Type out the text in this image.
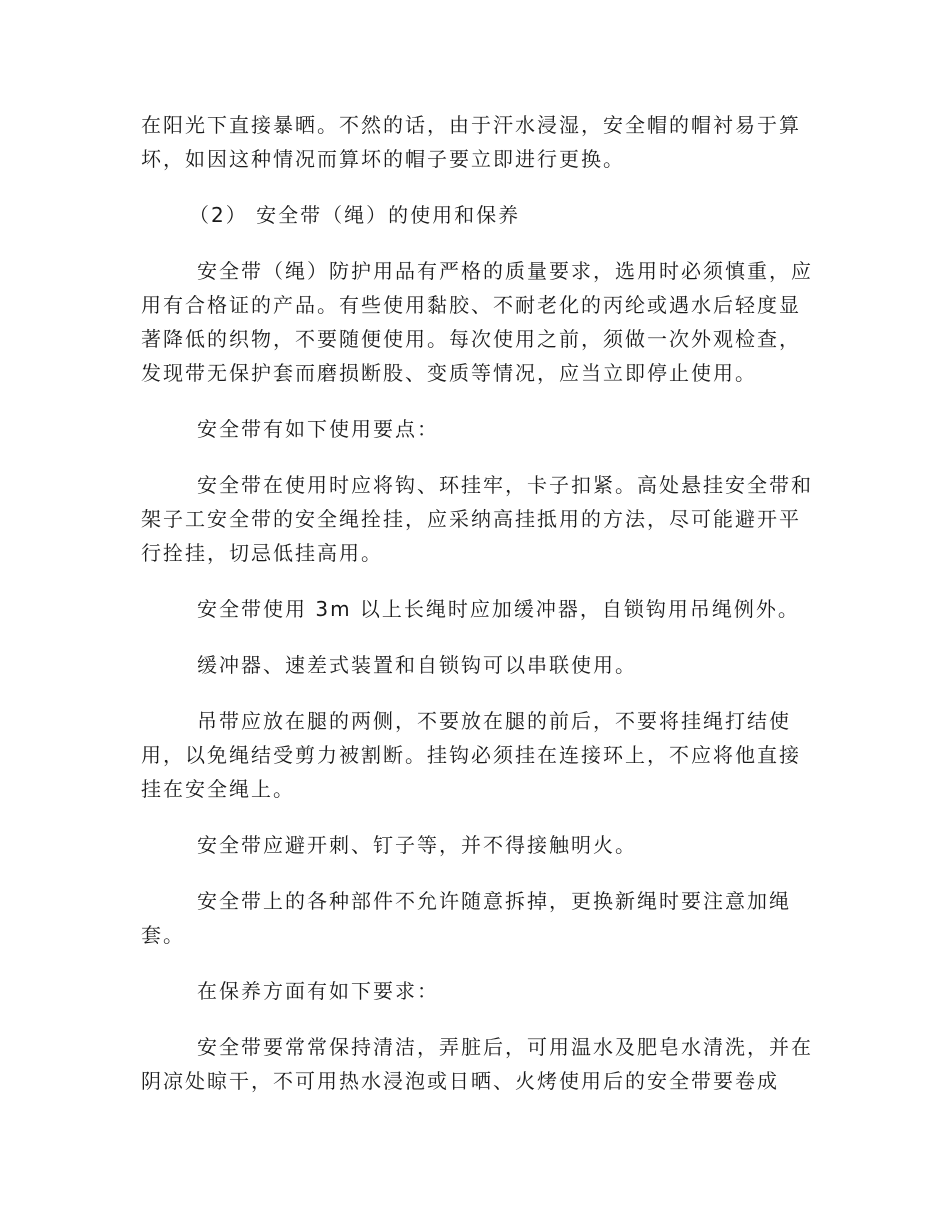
在阳光下直接暴晒。不然的话，由于汗水浸湿，安全帽的帽衬易于算
坏，如因这种情况而算坏的帽子要立即进行更换。
（2） 安全带（绳）的使用和保养
安全带（绳）防护用品有严格的质量要求，选用时必须慎重，应
用有合格证的产品。有些使用黏胶、不耐老化的丙纶或遇水后轻度显
著降低的织物，不要随便使用。每次使用之前，须做一次外观检查，
发现带无保护套而磨损断股、变质等情况，应当立即停止使用。
安全带有如下使用要点：
安全带在使用时应将钩、环挂牢，卡子扣紧。高处悬挂安全带和
架子工安全带的安全绳拴挂，应采纳高挂抵用的方法，尽可能避开平
行拴挂，切忌低挂高用。
安全带使用 3m 以上长绳时应加缓冲器，自锁钩用吊绳例外。
缓冲器、速差式装置和自锁钩可以串联使用。
吊带应放在腿的两侧，不要放在腿的前后，不要将挂绳打结使
用，以免绳结受剪力被割断。挂钩必须挂在连接环上，不应将他直接
挂在安全绳上。
安全带应避开刺、钉子等，并不得接触明火。
安全带上的各种部件不允许随意拆掉，更换新绳时要注意加绳
套。
在保养方面有如下要求：
安全带要常常保持清洁，弄脏后，可用温水及肥皂水清洗，并在
阴凉处晾干，不可用热水浸泡或日晒、火烤使用后的安全带要卷成
